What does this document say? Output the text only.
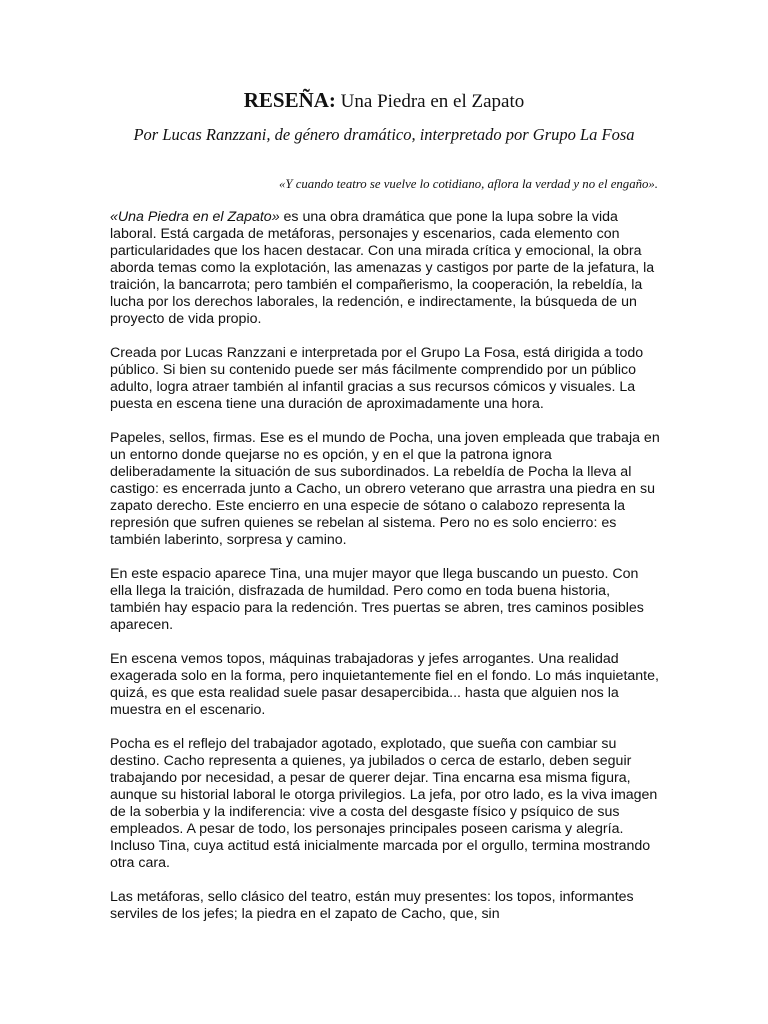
RESEÑA: Una Piedra en el Zapato
Por Lucas Ranzzani, de género dramático, interpretado por Grupo La Fosa
«Y cuando teatro se vuelve lo cotidiano, aflora la verdad y no el engaño».

«Una Piedra en el Zapato» es una obra dramática que pone la lupa sobre la vida laboral. Está cargada de metáforas, personajes y escenarios, cada elemento con particularidades que los hacen destacar. Con una mirada crítica y emocional, la obra aborda temas como la explotación, las amenazas y castigos por parte de la jefatura, la traición, la bancarrota; pero también el compañerismo, la cooperación, la rebeldía, la lucha por los derechos laborales, la redención, e indirectamente, la búsqueda de un proyecto de vida propio.

Creada por Lucas Ranzzani e interpretada por el Grupo La Fosa, está dirigida a todo público. Si bien su contenido puede ser más fácilmente comprendido por un público adulto, logra atraer también al infantil gracias a sus recursos cómicos y visuales. La puesta en escena tiene una duración de aproximadamente una hora.

Papeles, sellos, firmas. Ese es el mundo de Pocha, una joven empleada que trabaja en un entorno donde quejarse no es opción, y en el que la patrona ignora deliberadamente la situación de sus subordinados. La rebeldía de Pocha la lleva al castigo: es encerrada junto a Cacho, un obrero veterano que arrastra una piedra en su zapato derecho. Este encierro en una especie de sótano o calabozo representa la represión que sufren quienes se rebelan al sistema. Pero no es solo encierro: es también laberinto, sorpresa y camino.

En este espacio aparece Tina, una mujer mayor que llega buscando un puesto. Con ella llega la traición, disfrazada de humildad. Pero como en toda buena historia, también hay espacio para la redención. Tres puertas se abren, tres caminos posibles aparecen.

En escena vemos topos, máquinas trabajadoras y jefes arrogantes. Una realidad exagerada solo en la forma, pero inquietantemente fiel en el fondo. Lo más inquietante, quizá, es que esta realidad suele pasar desapercibida... hasta que alguien nos la muestra en el escenario.

Pocha es el reflejo del trabajador agotado, explotado, que sueña con cambiar su destino. Cacho representa a quienes, ya jubilados o cerca de estarlo, deben seguir trabajando por necesidad, a pesar de querer dejar. Tina encarna esa misma figura, aunque su historial laboral le otorga privilegios. La jefa, por otro lado, es la viva imagen de la soberbia y la indiferencia: vive a costa del desgaste físico y psíquico de sus empleados. A pesar de todo, los personajes principales poseen carisma y alegría. Incluso Tina, cuya actitud está inicialmente marcada por el orgullo, termina mostrando otra cara.

Las metáforas, sello clásico del teatro, están muy presentes: los topos, informantes serviles de los jefes; la piedra en el zapato de Cacho, que, sin
